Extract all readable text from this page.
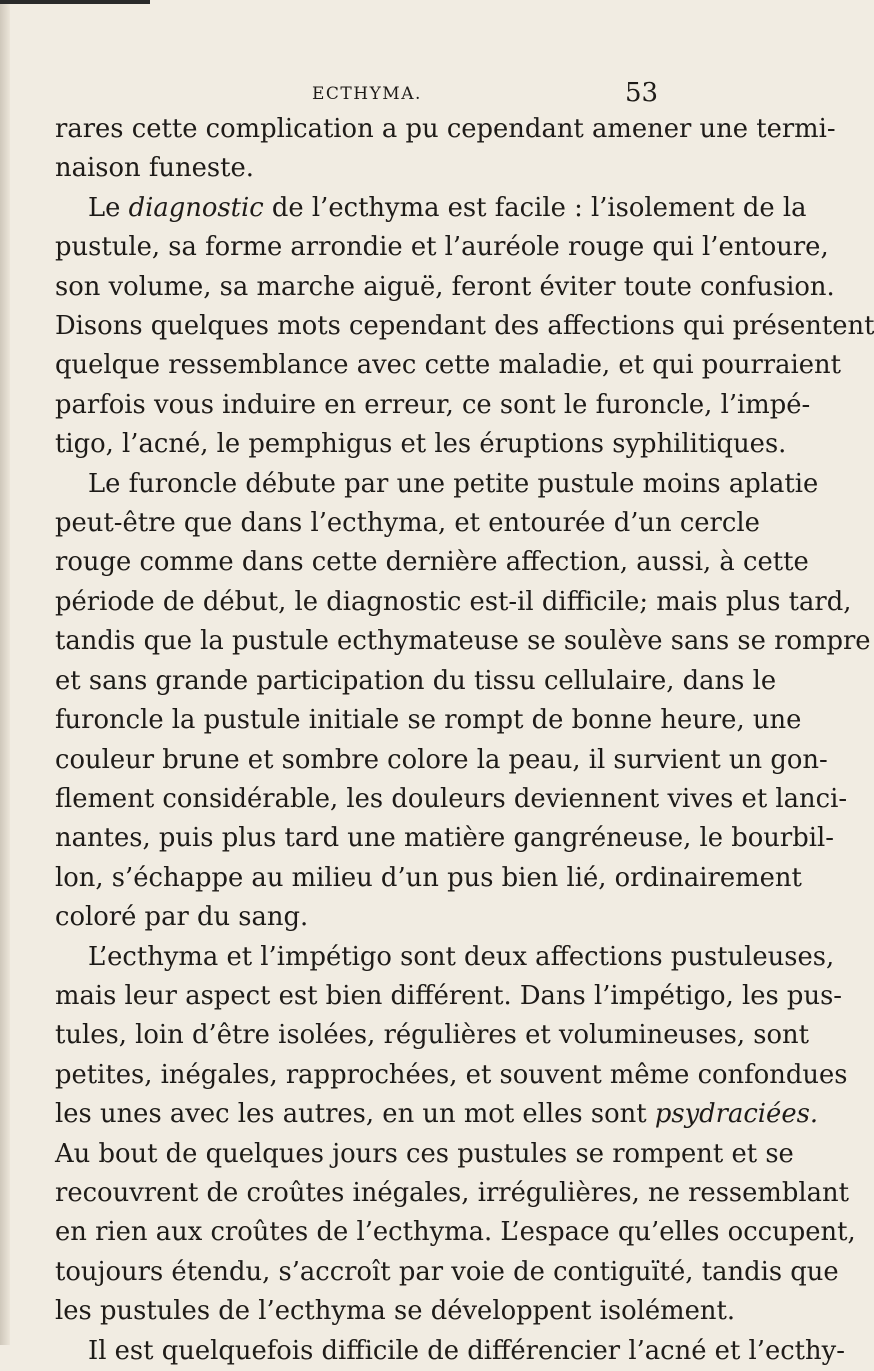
ECTHYMA.	53
rares cette complication a pu cependant amener une termi-
naison funeste.
Le diagnostic de l’ecthyma est facile : l’isolement de la
pustule, sa forme arrondie et l’auréole rouge qui l’entoure,
son volume, sa marche aiguë, feront éviter toute confusion.
Disons quelques mots cependant des affections qui présentent
quelque ressemblance avec cette maladie, et qui pourraient
parfois vous induire en erreur, ce sont le furoncle, l’impé-
tigo, l’acné, le pemphigus et les éruptions syphilitiques.
Le furoncle débute par une petite pustule moins aplatie
peut-être que dans l’ecthyma, et entourée d’un cercle
rouge comme dans cette dernière affection, aussi, à cette
période de début, le diagnostic est-il difficile; mais plus tard,
tandis que la pustule ecthymateuse se soulève sans se rompre
et sans grande participation du tissu cellulaire, dans le
furoncle la pustule initiale se rompt de bonne heure, une
couleur brune et sombre colore la peau, il survient un gon-
flement considérable, les douleurs deviennent vives et lanci-
nantes, puis plus tard une matière gangréneuse, le bourbil-
lon, s’échappe au milieu d’un pus bien lié, ordinairement
coloré par du sang.
L’ecthyma et l’impétigo sont deux affections pustuleuses,
mais leur aspect est bien différent. Dans l’impétigo, les pus-
tules, loin d’être isolées, régulières et volumineuses, sont
petites, inégales, rapprochées, et souvent même confondues
les unes avec les autres, en un mot elles sont psydraciées.
Au bout de quelques jours ces pustules se rompent et se
recouvrent de croûtes inégales, irrégulières, ne ressemblant
en rien aux croûtes de l’ecthyma. L’espace qu’elles occupent,
toujours étendu, s’accroît par voie de contiguïté, tandis que
les pustules de l’ecthyma se développent isolément.
Il est quelquefois difficile de différencier l’acné et l’ecthy-
